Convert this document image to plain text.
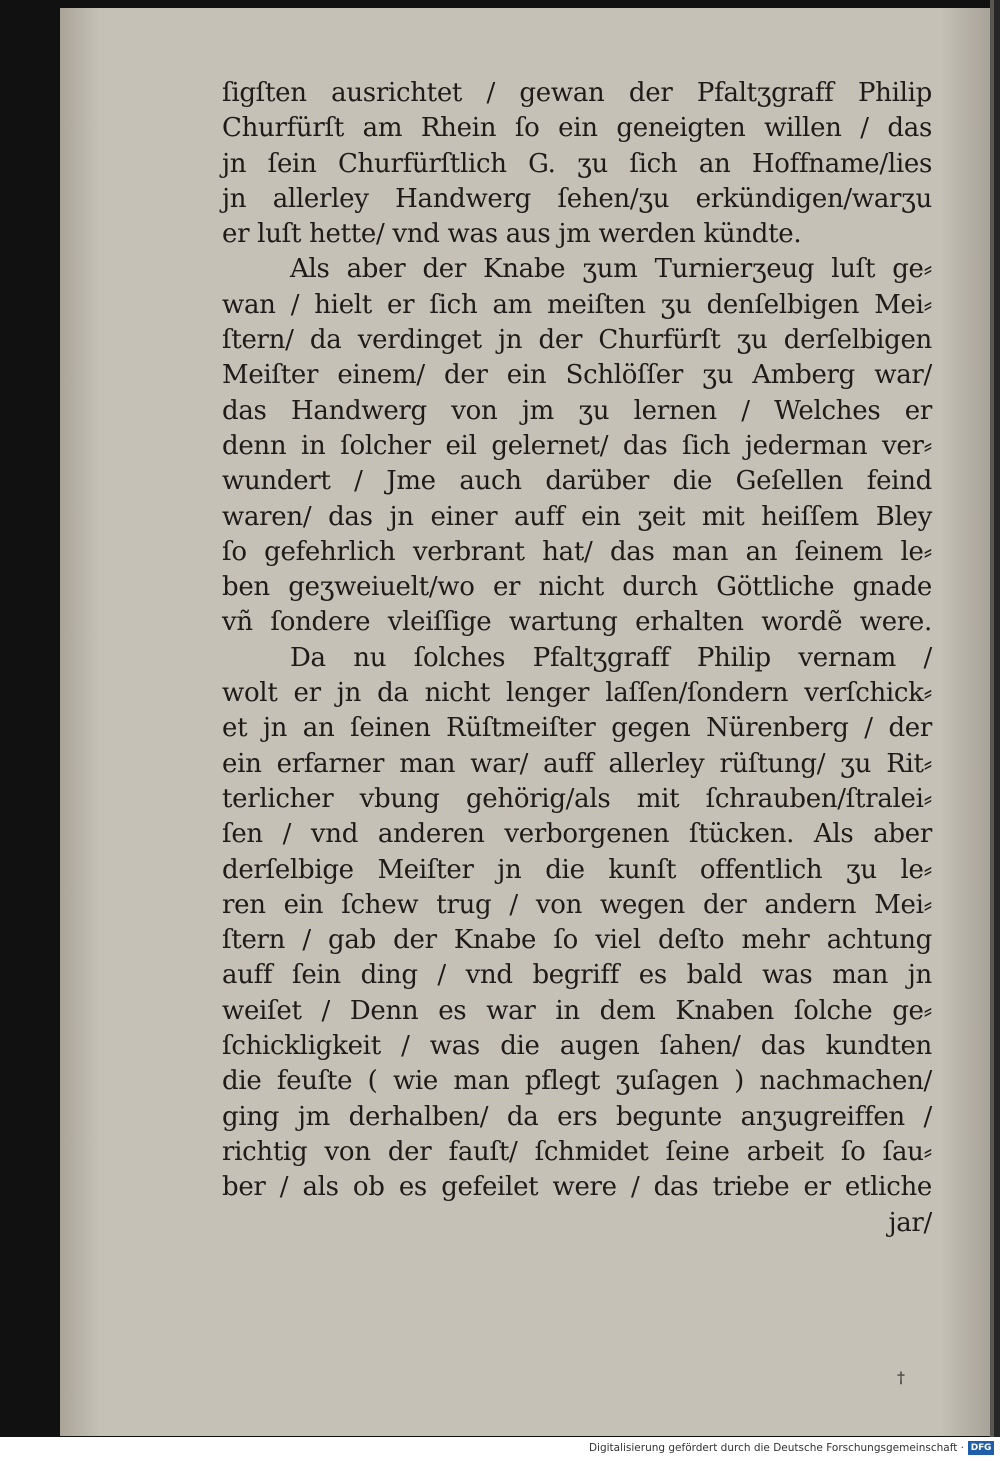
ſigſten ausrichtet / gewan der Pfaltʒgraff Philip
Churfürſt am Rhein ſo ein geneigten willen / das
jn ſein Churfürſtlich G. ʒu ſich an Hoffname/lies
jn allerley Handwerg ſehen/ʒu erkündigen/warʒu
er luſt hette/ vnd was aus jm werden kündte.
Als aber der Knabe ʒum Turnierʒeug luſt ge⸗
wan / hielt er ſich am meiſten ʒu denſelbigen Mei⸗
ſtern/ da verdinget jn der Churfürſt ʒu derſelbigen
Meiſter einem/ der ein Schlöſſer ʒu Amberg war/
das Handwerg von jm ʒu lernen / Welches er
denn in ſolcher eil gelernet/ das ſich jederman ver⸗
wundert / Jme auch darüber die Geſellen feind
waren/ das jn einer auff ein ʒeit mit heiſſem Bley
ſo gefehrlich verbrant hat/ das man an ſeinem le⸗
ben geʒweiuelt/wo er nicht durch Göttliche gnade
vñ ſondere vleiſſige wartung erhalten wordẽ were.
Da nu ſolches Pfaltʒgraff Philip vernam /
wolt er jn da nicht lenger laſſen/ſondern verſchick⸗
et jn an ſeinen Rüſtmeiſter gegen Nürenberg / der
ein erfarner man war/ auff allerley rüſtung/ ʒu Rit⸗
terlicher vbung gehörig/als mit ſchrauben/ſtralei⸗
ſen / vnd anderen verborgenen ſtücken. Als aber
derſelbige Meiſter jn die kunſt offentlich ʒu le⸗
ren ein ſchew trug / von wegen der andern Mei⸗
ſtern / gab der Knabe ſo viel deſto mehr achtung
auff ſein ding / vnd begriff es bald was man jn
weiſet / Denn es war in dem Knaben ſolche ge⸗
ſchickligkeit / was die augen ſahen/ das kundten
die feuſte ( wie man pflegt ʒuſagen ) nachmachen/
ging jm derhalben/ da ers begunte anʒugreiffen /
richtig von der fauſt/ ſchmidet ſeine arbeit ſo ſau⸗
ber / als ob es gefeilet were / das triebe er etliche
jar/
†
Digitalisierung gefördert durch die Deutsche Forschungsgemeinschaft · DFG
